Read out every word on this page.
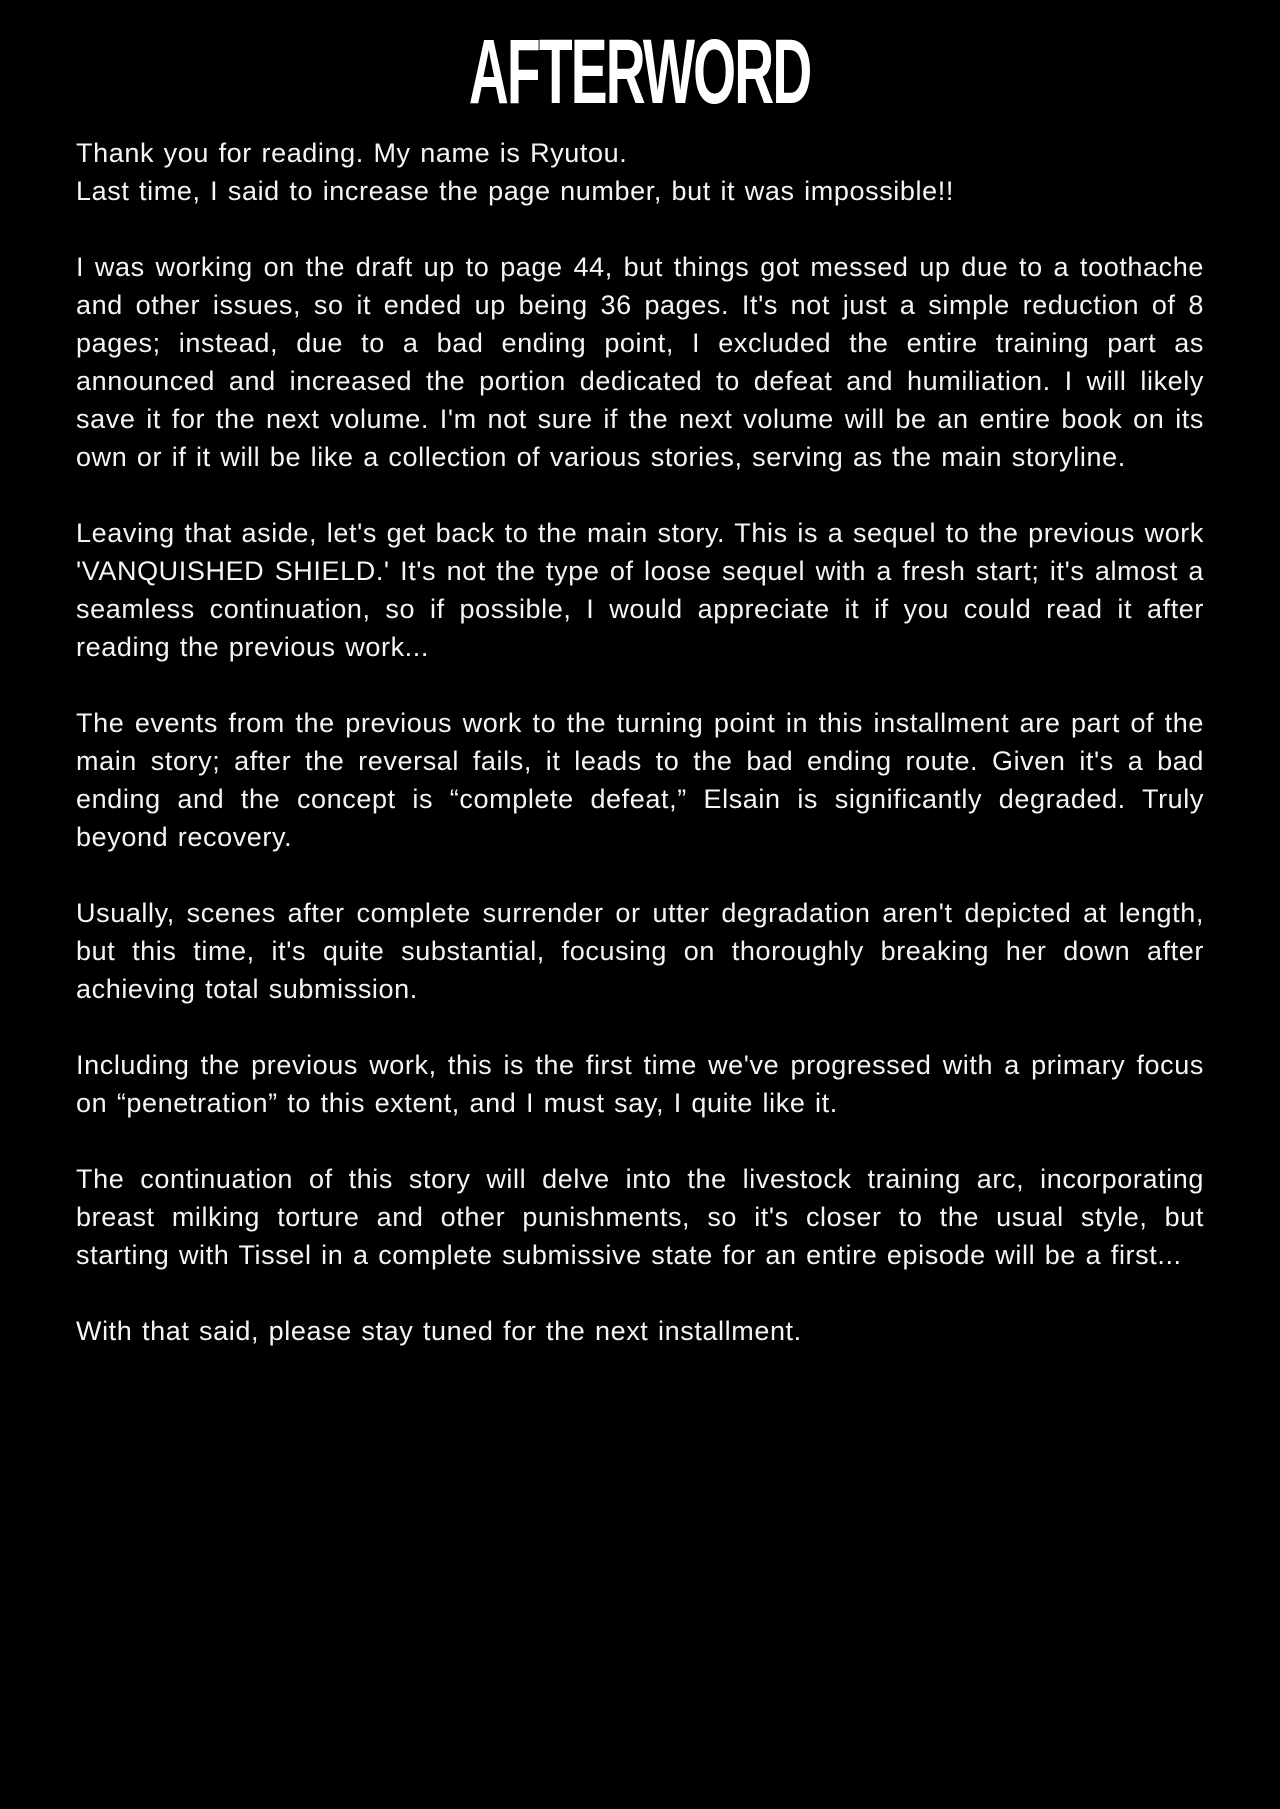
AFTERWORD

Thank you for reading. My name is Ryutou.

Last time, I said to increase the page number, but it was impossible!!

I was working on the draft up to page 44, but things got messed up due to a toothache and other issues, so it ended up being 36 pages. It's not just a simple reduction of 8 pages; instead, due to a bad ending point, I excluded the entire training part as announced and increased the portion dedicated to defeat and humiliation. I will likely save it for the next volume. I'm not sure if the next volume will be an entire book on its own or if it will be like a collection of various stories, serving as the main storyline.

Leaving that aside, let's get back to the main story. This is a sequel to the previous work 'VANQUISHED SHIELD.' It's not the type of loose sequel with a fresh start; it's almost a seamless continuation, so if possible, I would appreciate it if you could read it after reading the previous work...

The events from the previous work to the turning point in this installment are part of the main story; after the reversal fails, it leads to the bad ending route. Given it's a bad ending and the concept is “complete defeat,” Elsain is significantly degraded. Truly beyond recovery.

Usually, scenes after complete surrender or utter degradation aren't depicted at length, but this time, it's quite substantial, focusing on thoroughly breaking her down after achieving total submission.

Including the previous work, this is the first time we've progressed with a primary focus on “penetration” to this extent, and I must say, I quite like it.

The continuation of this story will delve into the livestock training arc, incorporating breast milking torture and other punishments, so it's closer to the usual style, but starting with Tissel in a complete submissive state for an entire episode will be a first...

With that said, please stay tuned for the next installment.
